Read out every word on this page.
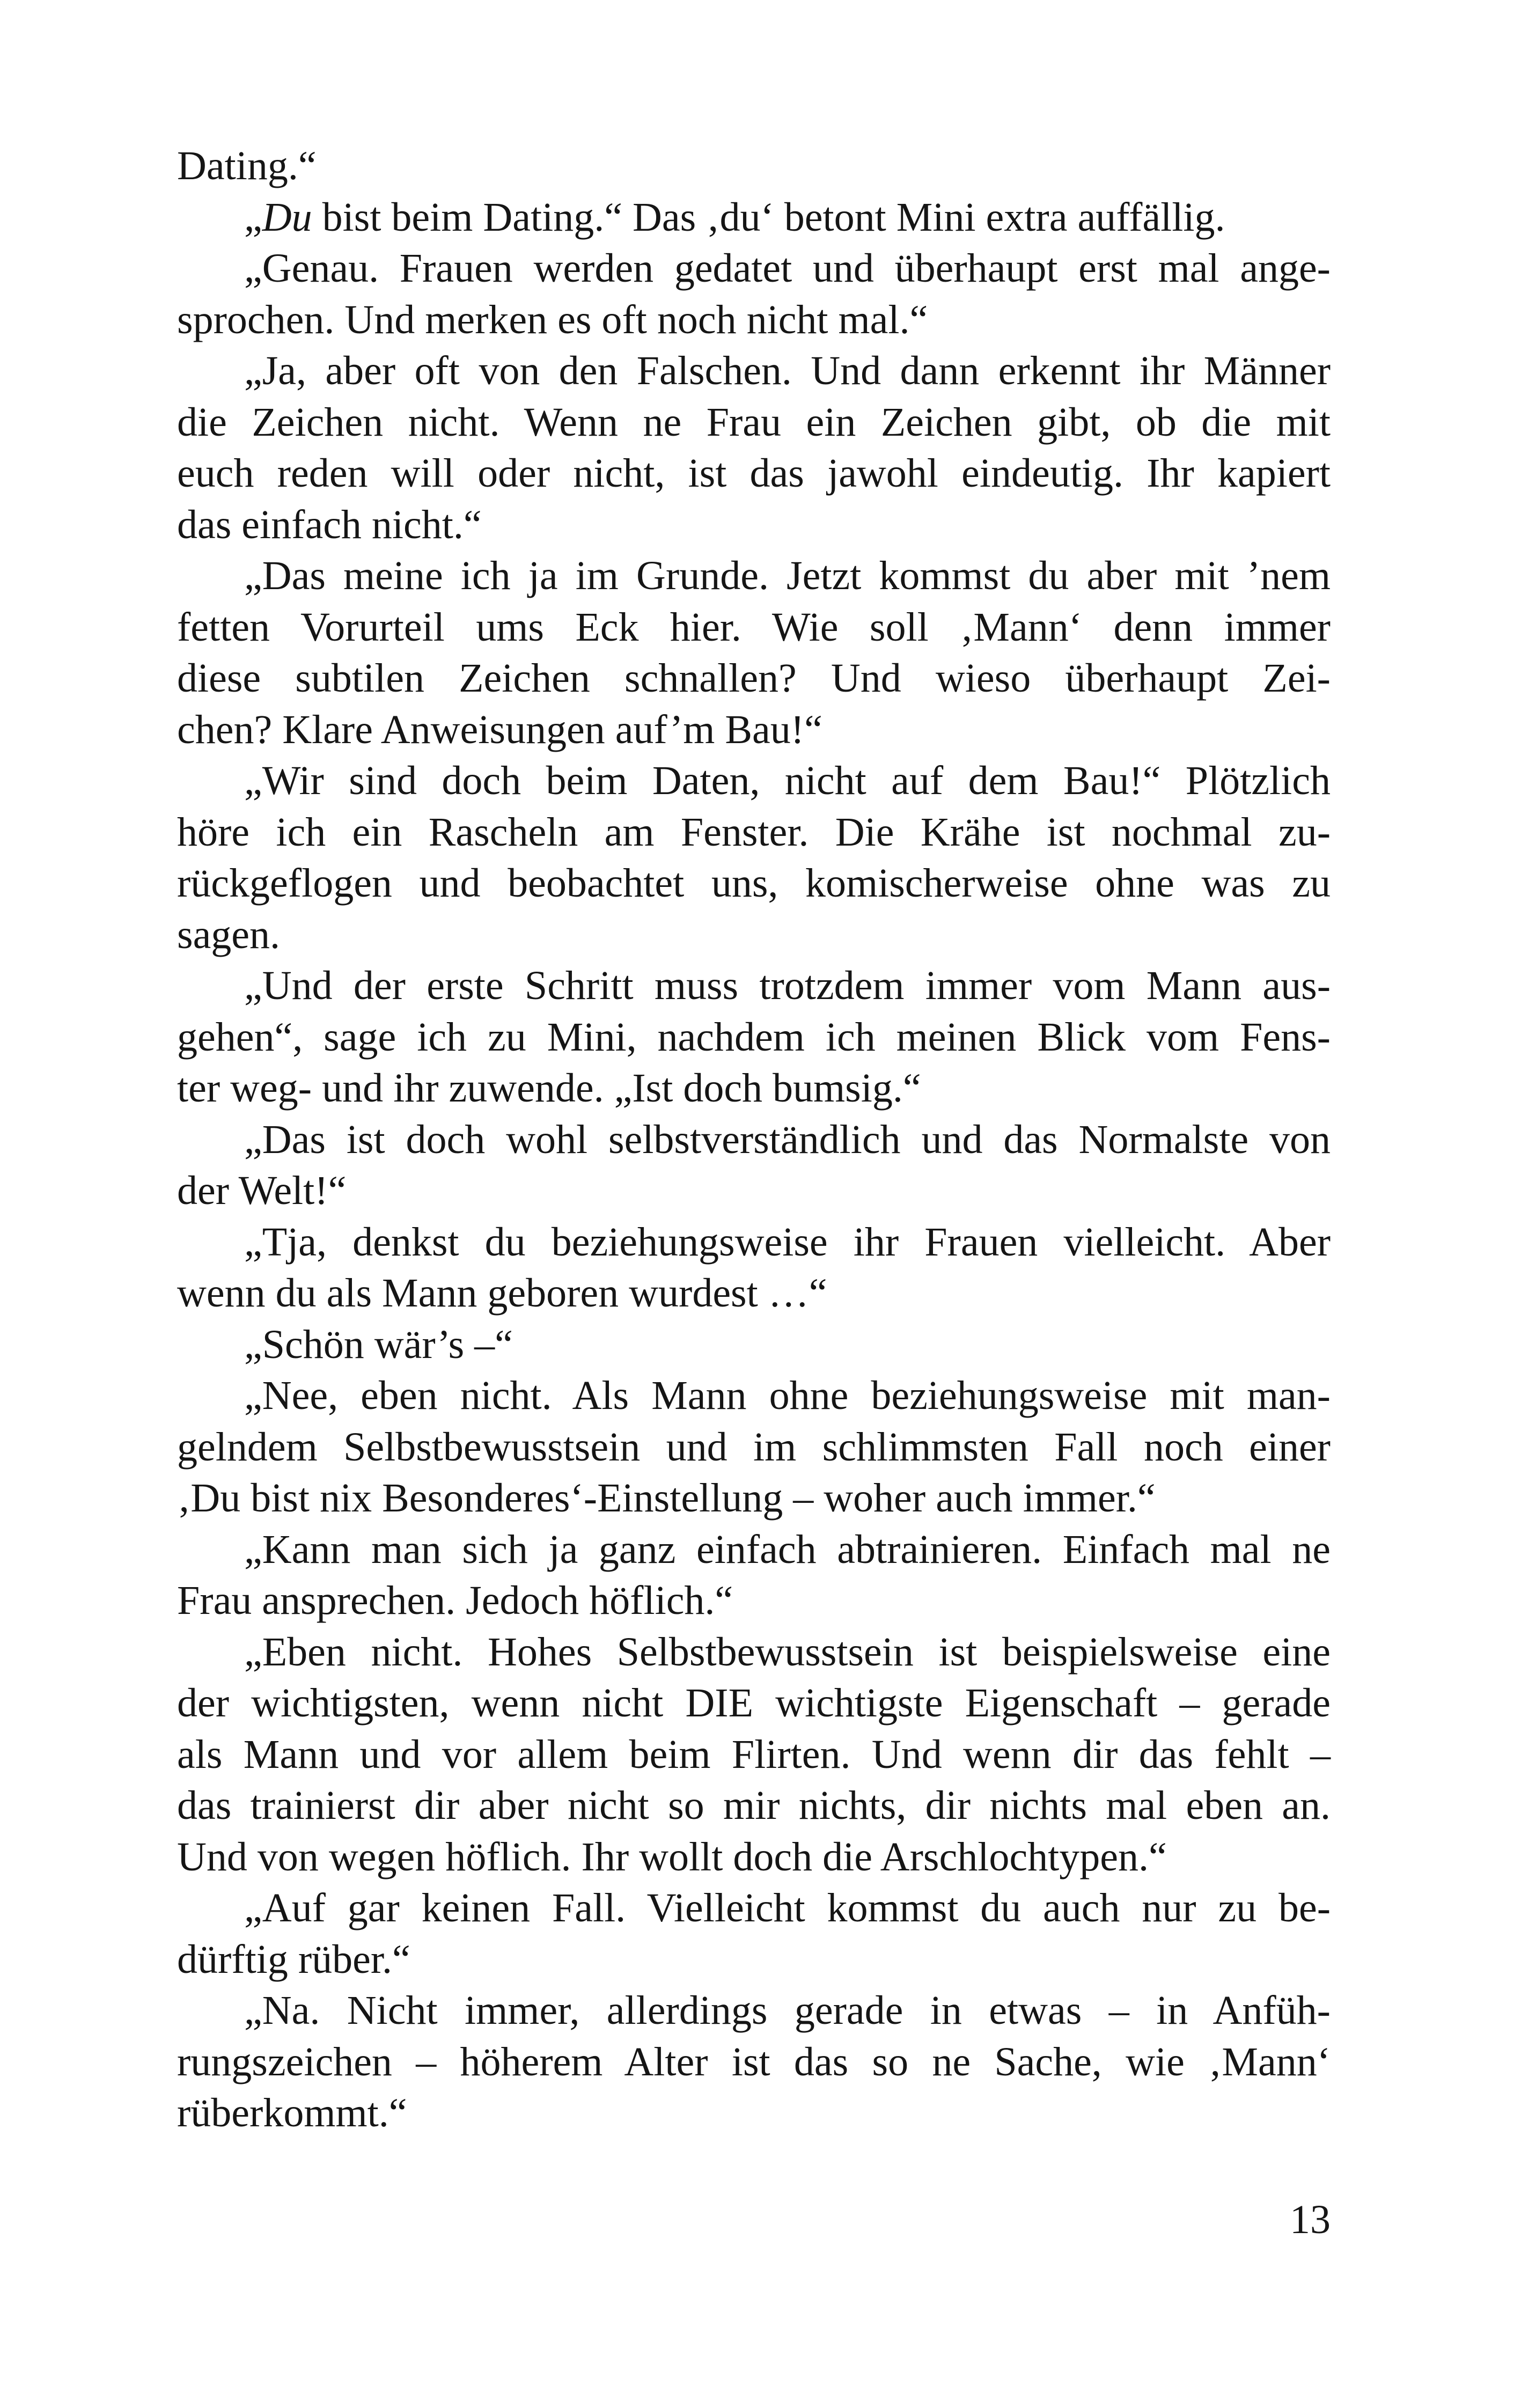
Dating.“
„Du bist beim Dating.“ Das ‚du‘ betont Mini extra auffällig.
„Genau. Frauen werden gedatet und überhaupt erst mal ange-
sprochen. Und merken es oft noch nicht mal.“
„Ja, aber oft von den Falschen. Und dann erkennt ihr Männer
die Zeichen nicht. Wenn ne Frau ein Zeichen gibt, ob die mit
euch reden will oder nicht, ist das jawohl eindeutig. Ihr kapiert
das einfach nicht.“
„Das meine ich ja im Grunde. Jetzt kommst du aber mit ’nem
fetten Vorurteil ums Eck hier. Wie soll ‚Mann‘ denn immer
diese subtilen Zeichen schnallen? Und wieso überhaupt Zei-
chen? Klare Anweisungen auf’m Bau!“
„Wir sind doch beim Daten, nicht auf dem Bau!“ Plötzlich
höre ich ein Rascheln am Fenster. Die Krähe ist nochmal zu-
rückgeflogen und beobachtet uns, komischerweise ohne was zu
sagen.
„Und der erste Schritt muss trotzdem immer vom Mann aus-
gehen“, sage ich zu Mini, nachdem ich meinen Blick vom Fens-
ter weg- und ihr zuwende. „Ist doch bumsig.“
„Das ist doch wohl selbstverständlich und das Normalste von
der Welt!“
„Tja, denkst du beziehungsweise ihr Frauen vielleicht. Aber
wenn du als Mann geboren wurdest …“
„Schön wär’s –“
„Nee, eben nicht. Als Mann ohne beziehungsweise mit man-
gelndem Selbstbewusstsein und im schlimmsten Fall noch einer
‚Du bist nix Besonderes‘-Einstellung – woher auch immer.“
„Kann man sich ja ganz einfach abtrainieren. Einfach mal ne
Frau ansprechen. Jedoch höflich.“
„Eben nicht. Hohes Selbstbewusstsein ist beispielsweise eine
der wichtigsten, wenn nicht DIE wichtigste Eigenschaft – gerade
als Mann und vor allem beim Flirten. Und wenn dir das fehlt –
das trainierst dir aber nicht so mir nichts, dir nichts mal eben an.
Und von wegen höflich. Ihr wollt doch die Arschlochtypen.“
„Auf gar keinen Fall. Vielleicht kommst du auch nur zu be-
dürftig rüber.“
„Na. Nicht immer, allerdings gerade in etwas – in Anfüh-
rungszeichen – höherem Alter ist das so ne Sache, wie ‚Mann‘
rüberkommt.“
13
